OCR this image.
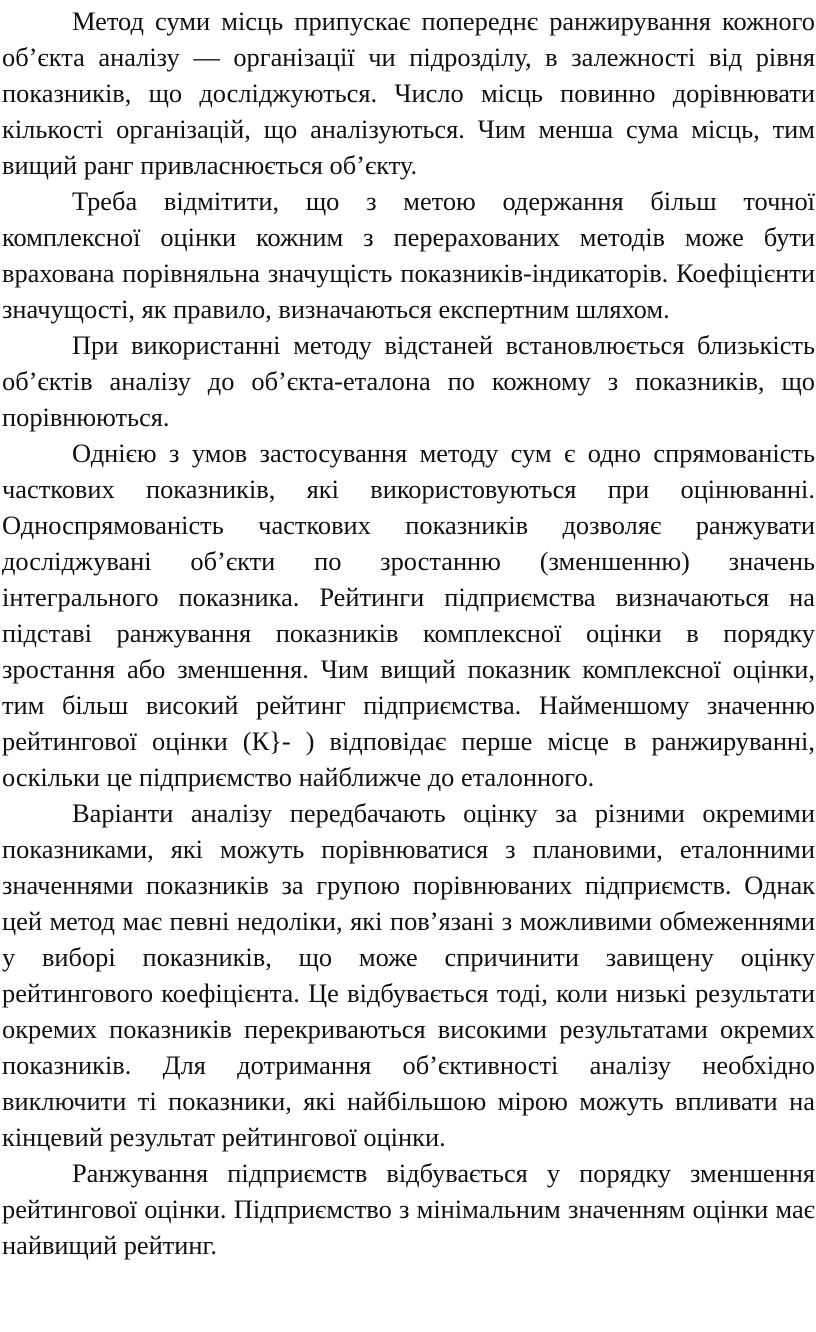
Метод суми місць припускає попереднє ранжирування кожного об’єкта аналізу — організації чи підрозділу, в залежності від рівня показників, що досліджуються. Число місць повинно дорівнювати кількості організацій, що аналізуються. Чим менша сума місць, тим вищий ранг привласнюється об’єкту.

Треба відмітити, що з метою одержання більш точної комплексної оцінки кожним з перерахованих методів може бути врахована порівняльна значущість показників-індикаторів. Коефіцієнти значущості, як правило, визначаються експертним шляхом.

При використанні методу відстаней встановлюється близькість об’єктів аналізу до об’єкта-еталона по кожному з показників, що порівнюються.

Однією з умов застосування методу сум є одно спрямованість часткових показників, які використовуються при оцінюванні. Односпрямованість часткових показників дозволяє ранжувати досліджувані об’єкти по зростанню (зменшенню) значень інтегрального показника. Рейтинги підприємства визначаються на підставі ранжування показників комплексної оцінки в порядку зростання або зменшення. Чим вищий показник комплексної оцінки, тим більш високий рейтинг підприємства. Найменшому значенню рейтингової оцінки (К}- ) відповідає перше місце в ранжируванні, оскільки це підприємство найближче до еталонного.

Варіанти аналізу передбачають оцінку за різними окремими показниками, які можуть порівнюватися з плановими, еталонними значеннями показників за групою порівнюваних підприємств. Однак цей метод має певні недоліки, які пов’язані з можливими обмеженнями у виборі показників, що може спричинити завищену оцінку рейтингового коефіцієнта. Це відбувається тоді, коли низькі результати окремих показників перекриваються високими результатами окремих показників. Для дотримання об’єктивності аналізу необхідно виключити ті показники, які найбільшою мірою можуть впливати на кінцевий результат рейтингової оцінки.

Ранжування підприємств відбувається у порядку зменшення рейтингової оцінки. Підприємство з мінімальним значенням оцінки має найвищий рейтинг.
